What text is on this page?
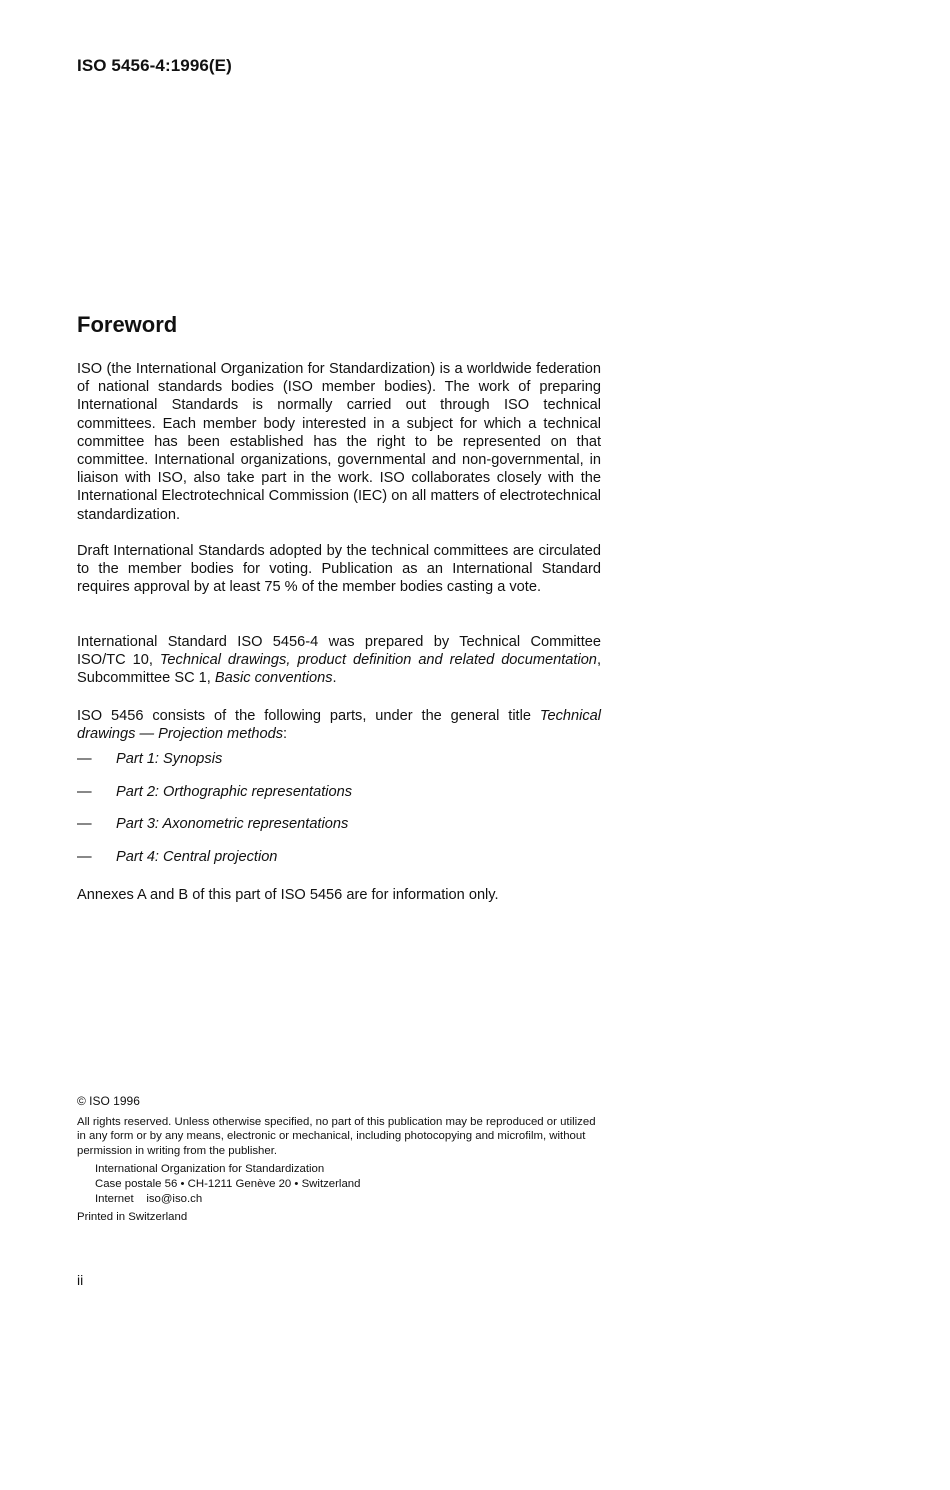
ISO 5456-4:1996(E)
Foreword

ISO (the International Organization for Standardization) is a worldwide federation of national standards bodies (ISO member bodies). The work of preparing International Standards is normally carried out through ISO technical committees. Each member body interested in a subject for which a technical committee has been established has the right to be represented on that committee. International organizations, governmental and non-governmental, in liaison with ISO, also take part in the work. ISO collaborates closely with the International Electrotechnical Commission (IEC) on all matters of electrotechnical standardization.

Draft International Standards adopted by the technical committees are circulated to the member bodies for voting. Publication as an International Standard requires approval by at least 75 % of the member bodies casting a vote.

International Standard ISO 5456-4 was prepared by Technical Committee ISO/TC 10, Technical drawings, product definition and related documentation, Subcommittee SC 1, Basic conventions.

ISO 5456 consists of the following parts, under the general title Technical drawings — Projection methods:

—	Part 1: Synopsis
—	Part 2: Orthographic representations
—	Part 3: Axonometric representations
—	Part 4: Central projection

Annexes A and B of this part of ISO 5456 are for information only.

© ISO 1996

All rights reserved. Unless otherwise specified, no part of this publication may be reproduced or utilized in any form or by any means, electronic or mechanical, including photocopying and microfilm, without permission in writing from the publisher.

International Organization for Standardization
Case postale 56 • CH-1211 Genève 20 • Switzerland
Internet iso@iso.ch

Printed in Switzerland

ii
